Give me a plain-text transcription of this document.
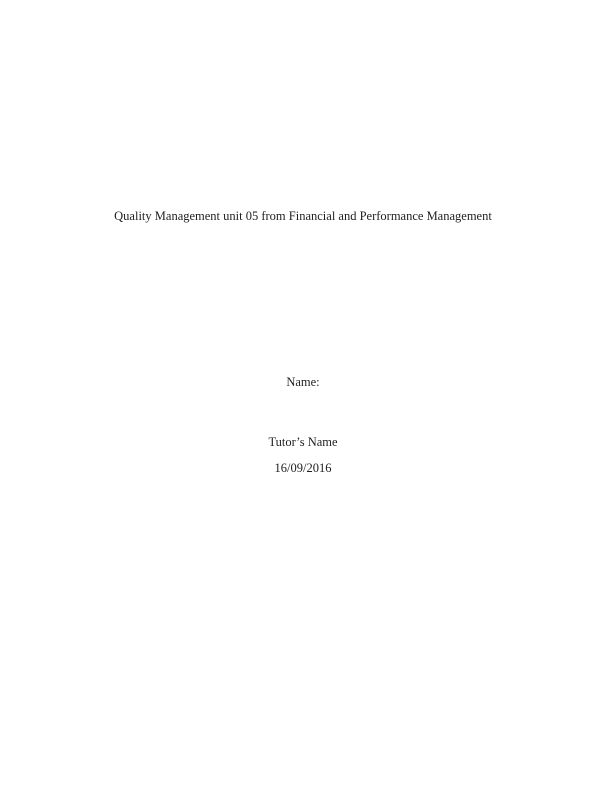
Quality Management unit 05 from Financial and Performance Management
Name:
Tutor’s Name
16/09/2016
